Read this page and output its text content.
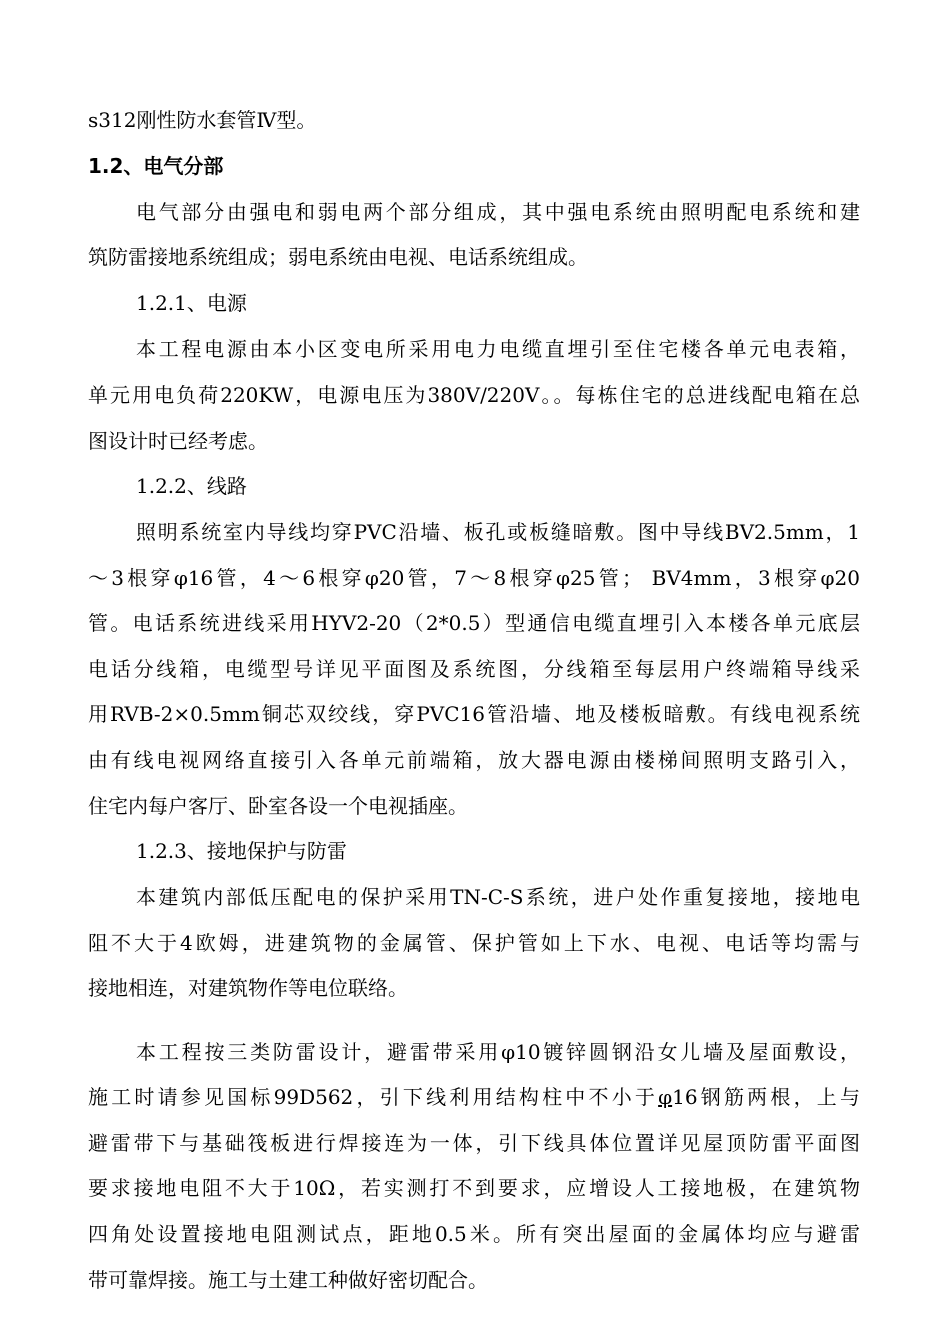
s312刚性防水套管Ⅳ型。
1.2、电气分部
电气部分由强电和弱电两个部分组成，其中强电系统由照明配电系统和建
筑防雷接地系统组成；弱电系统由电视、电话系统组成。
1.2.1、电源
本工程电源由本小区变电所采用电力电缆直埋引至住宅楼各单元电表箱，
单元用电负荷220KW，电源电压为380V/220V。。每栋住宅的总进线配电箱在总
图设计时已经考虑。
1.2.2、线路
照明系统室内导线均穿PVC沿墙、板孔或板缝暗敷。图中导线BV2.5mm，1
～3根穿φ16管，4～6根穿φ20管，7～8根穿φ25管； BV4mm，3根穿φ20
管。电话系统进线采用HYV2-20（2*0.5）型通信电缆直埋引入本楼各单元底层
电话分线箱，电缆型号详见平面图及系统图，分线箱至每层用户终端箱导线采
用RVB-2×0.5mm铜芯双绞线，穿PVC16管沿墙、地及楼板暗敷。有线电视系统
由有线电视网络直接引入各单元前端箱，放大器电源由楼梯间照明支路引入，
住宅内每户客厅、卧室各设一个电视插座。
1.2.3、接地保护与防雷
本建筑内部低压配电的保护采用TN-C-S系统，进户处作重复接地，接地电
阻不大于4欧姆，进建筑物的金属管、保护管如上下水、电视、电话等均需与
接地相连，对建筑物作等电位联络。
本工程按三类防雷设计，避雷带采用φ10镀锌圆钢沿女儿墙及屋面敷设，
施工时请参见国标99D562，引下线利用结构柱中不小于φ16钢筋两根，上与
避雷带下与基础筏板进行焊接连为一体，引下线具体位置详见屋顶防雷平面图
要求接地电阻不大于10Ω，若实测打不到要求，应增设人工接地极，在建筑物
四角处设置接地电阻测试点，距地0.5米。所有突出屋面的金属体均应与避雷
带可靠焊接。施工与土建工种做好密切配合。
